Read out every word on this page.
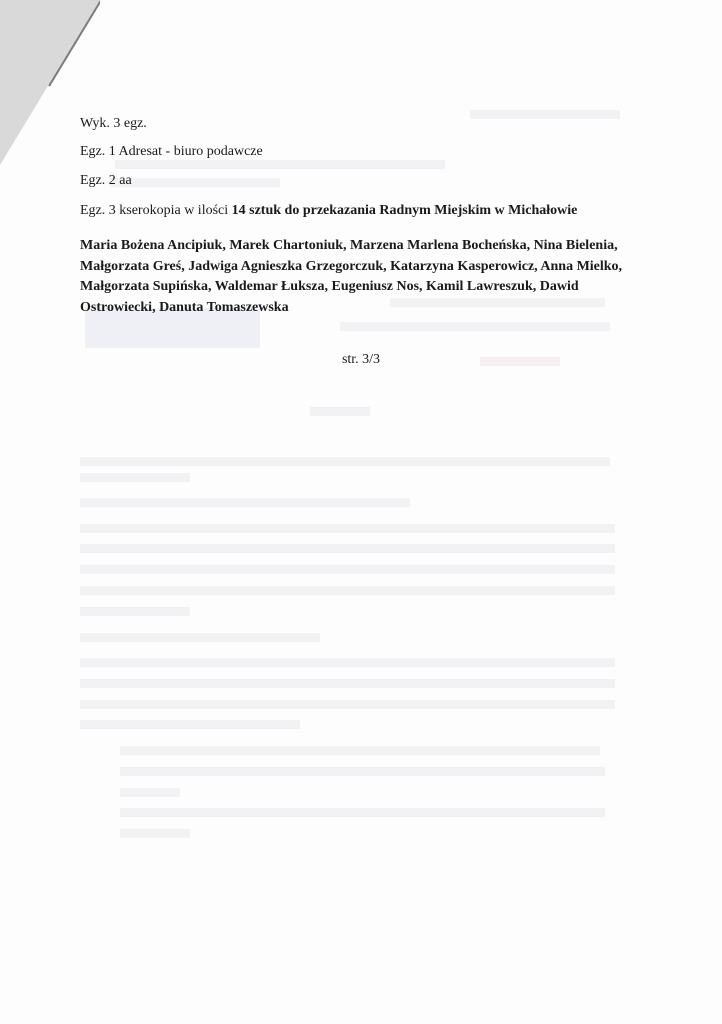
Wyk. 3 egz.
Egz. 1 Adresat - biuro podawcze
Egz. 2 aa
Egz. 3 kserokopia w ilości 14 sztuk do przekazania Radnym Miejskim w Michałowie
Maria Bożena Ancipiuk, Marek Chartoniuk, Marzena Marlena Bocheńska, Nina Bielenia, Małgorzata Greś, Jadwiga Agnieszka Grzegorczuk, Katarzyna Kasperowicz, Anna Mielko, Małgorzata Supińska, Waldemar Łuksza, Eugeniusz Nos, Kamil Lawreszuk, Dawid Ostrowiecki, Danuta Tomaszewska
str. 3/3
